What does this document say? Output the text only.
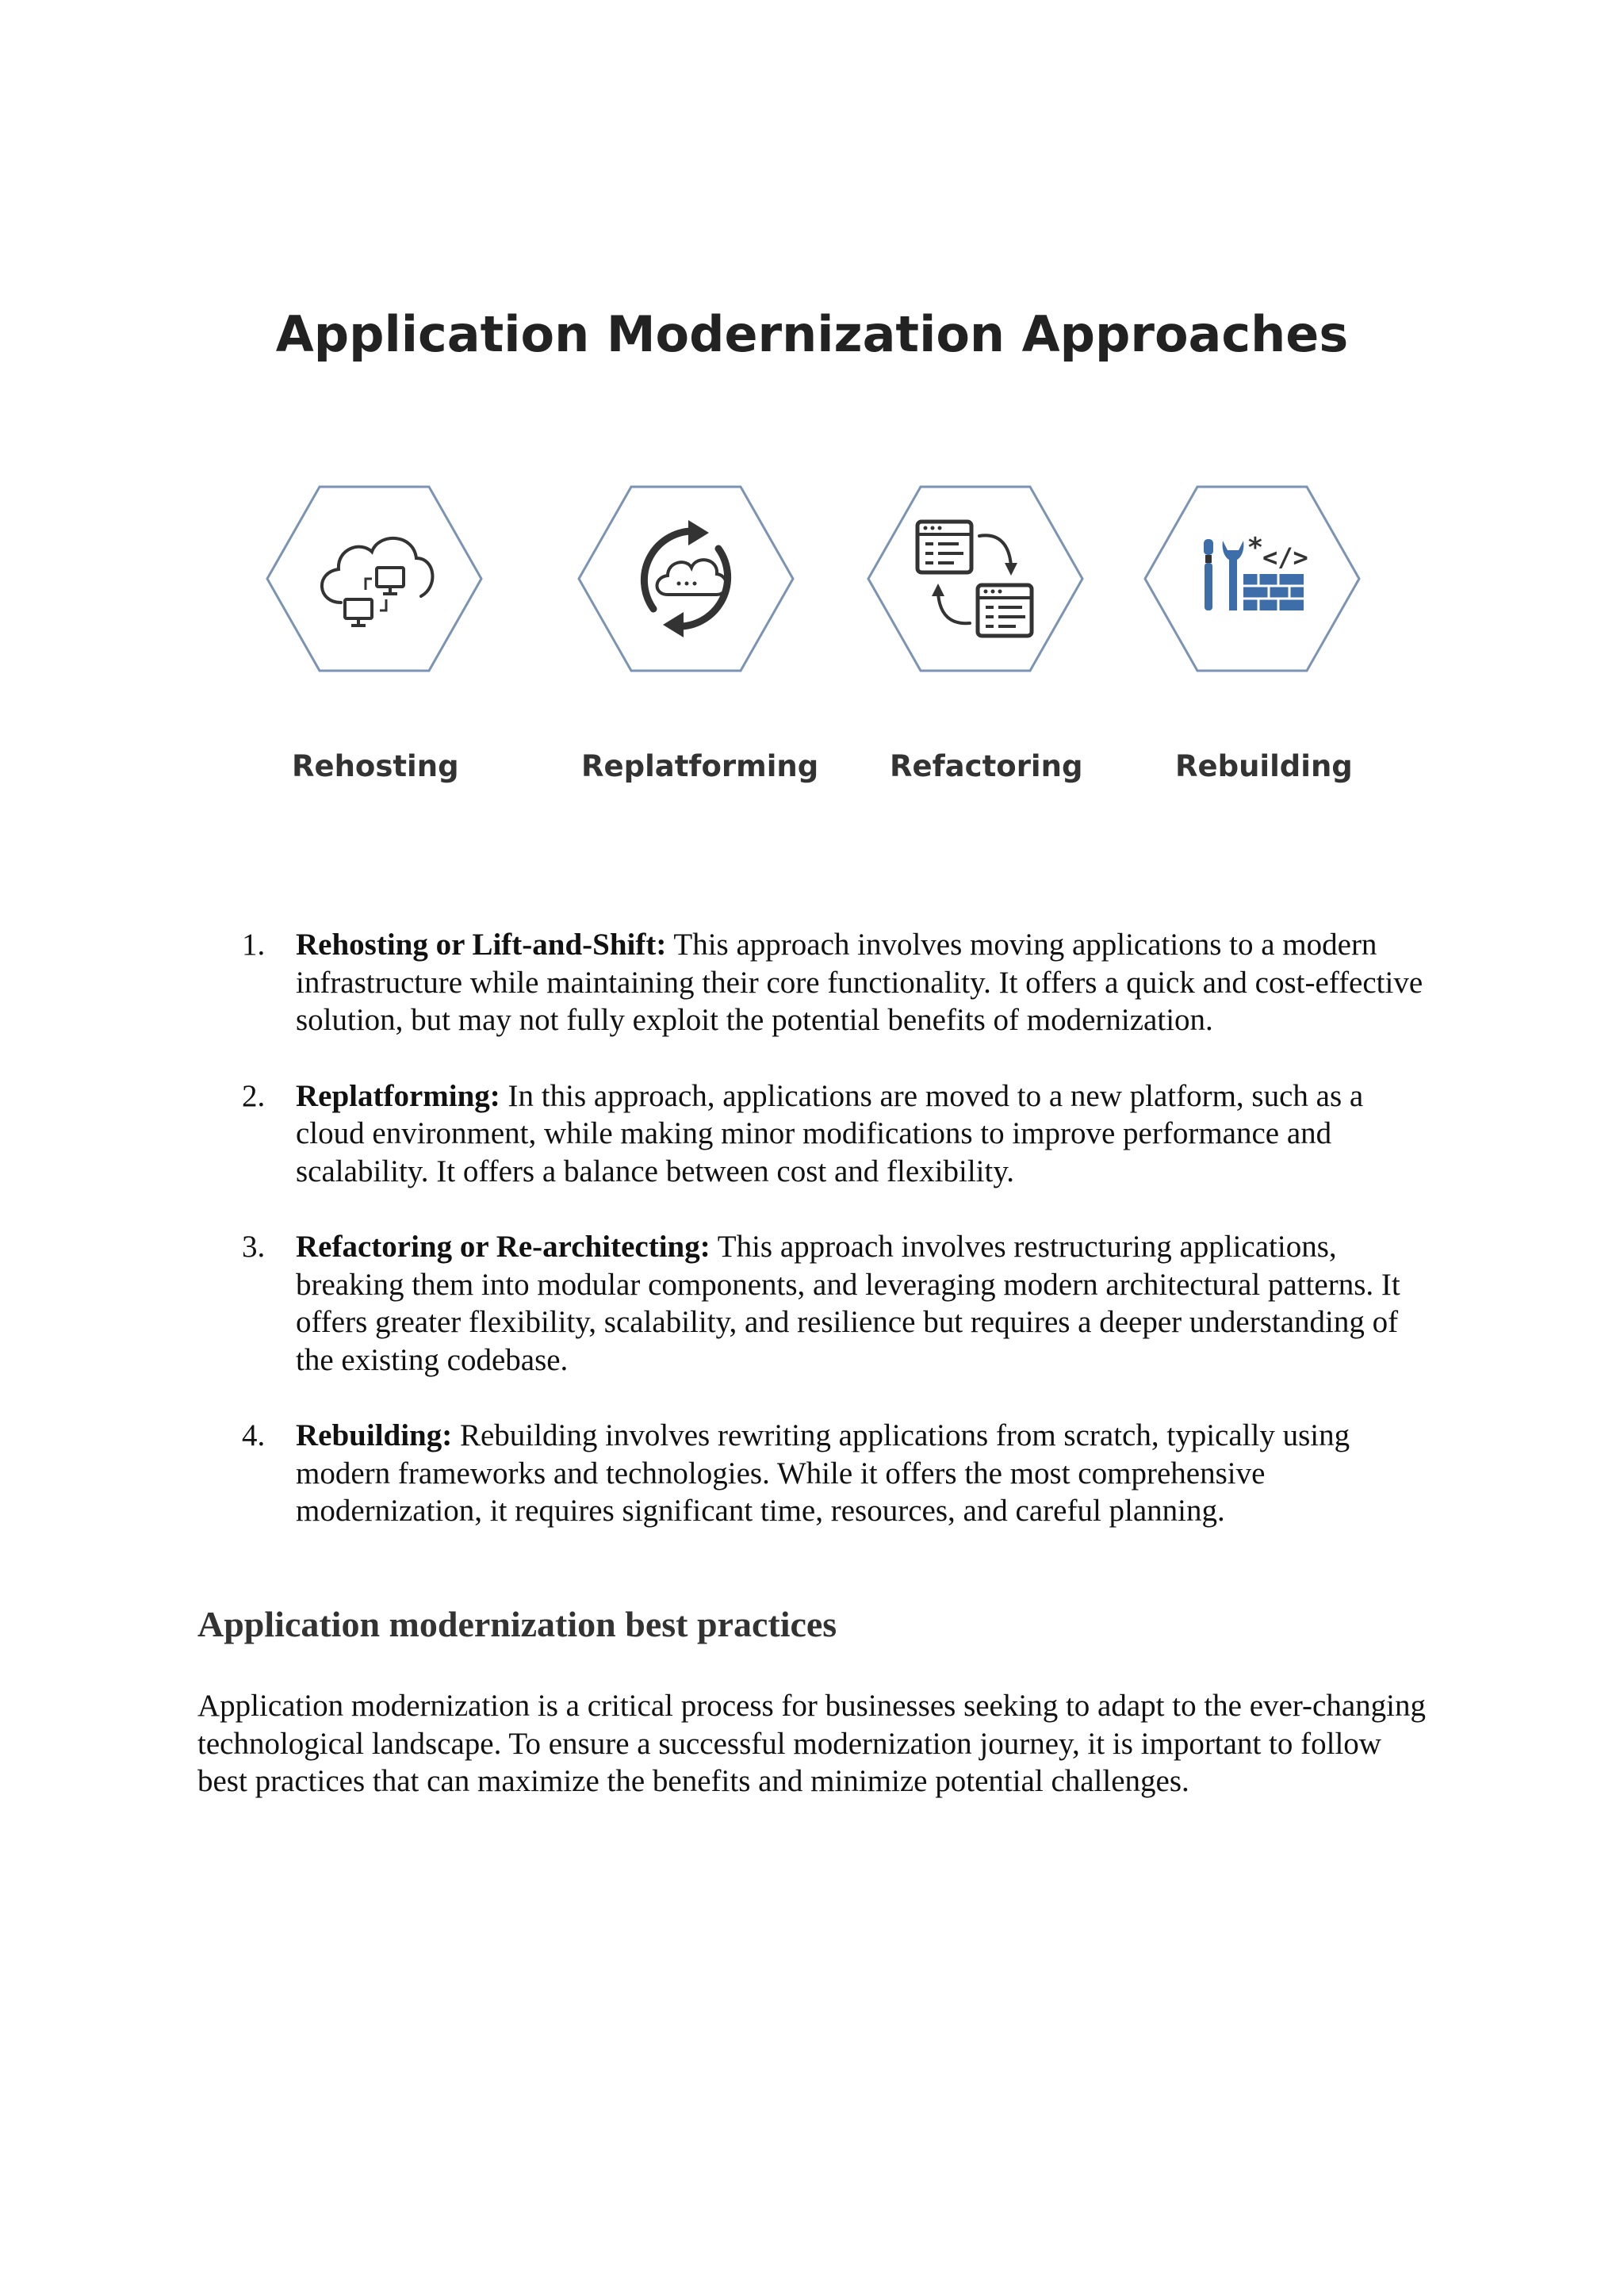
Application Modernization Approaches
Rehosting	Replatforming Refactoring
* </>
Rebuilding
1. Rehosting or Lift-and-Shift: This approach involves moving applications to a modern infrastructure while maintaining their core functionality. It offers a quick and cost-effective solution, but may not fully exploit the potential benefits of modernization.
2. Replatforming: In this approach, applications are moved to a new platform, such as a cloud environment, while making minor modifications to improve performance and scalability. It offers a balance between cost and flexibility.
3. Refactoring or Re-architecting: This approach involves restructuring applications, breaking them into modular components, and leveraging modern architectural patterns. It offers greater flexibility, scalability, and resilience but requires a deeper understanding of the existing codebase.
4. Rebuilding: Rebuilding involves rewriting applications from scratch, typically using modern frameworks and technologies. While it offers the most comprehensive modernization, it requires significant time, resources, and careful planning.
Application modernization best practices

Application modernization is a critical process for businesses seeking to adapt to the ever-changing technological landscape. To ensure a successful modernization journey, it is important to follow best practices that can maximize the benefits and minimize potential challenges.
